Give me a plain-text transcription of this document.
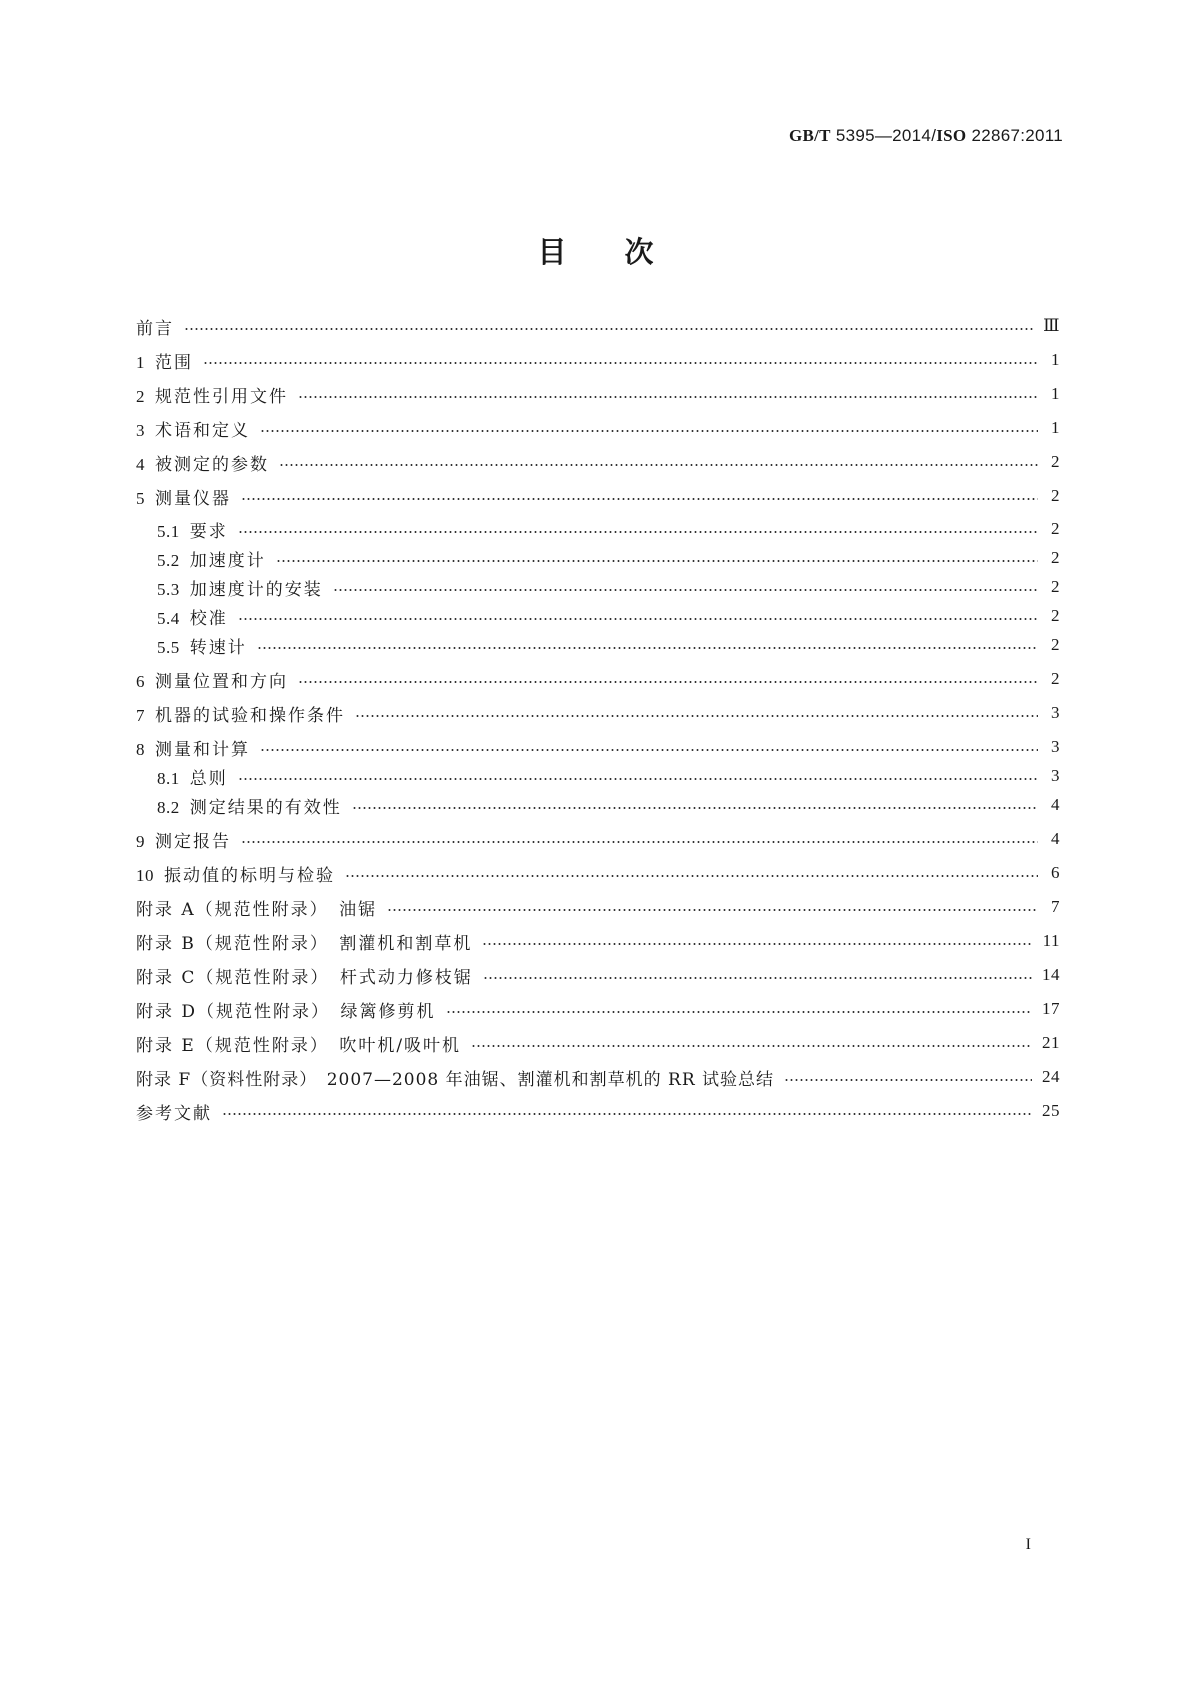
GB/T 5395—2014/ISO 22867:2011
目次
前言	Ⅲ
1 范围	1
2 规范性引用文件	1
3 术语和定义	1
4 被测定的参数	2
5 测量仪器	2
5.1 要求	2
5.2 加速度计	2
5.3 加速度计的安装	2
5.4 校准	2
5.5 转速计	2
6 测量位置和方向	2
7 机器的试验和操作条件	3
8 测量和计算	3
8.1 总则	3
8.2 测定结果的有效性	4
9 测定报告	4
10 振动值的标明与检验	6
附录 A（规范性附录）　油锯	7
附录 B（规范性附录）　割灌机和割草机	11
附录 C（规范性附录）　杆式动力修枝锯	14
附录 D（规范性附录）　绿篱修剪机	17
附录 E（规范性附录）　吹叶机/吸叶机	21
附录 F（资料性附录）　2007—2008 年油锯、割灌机和割草机的 RR 试验总结	24
参考文献	25
I
